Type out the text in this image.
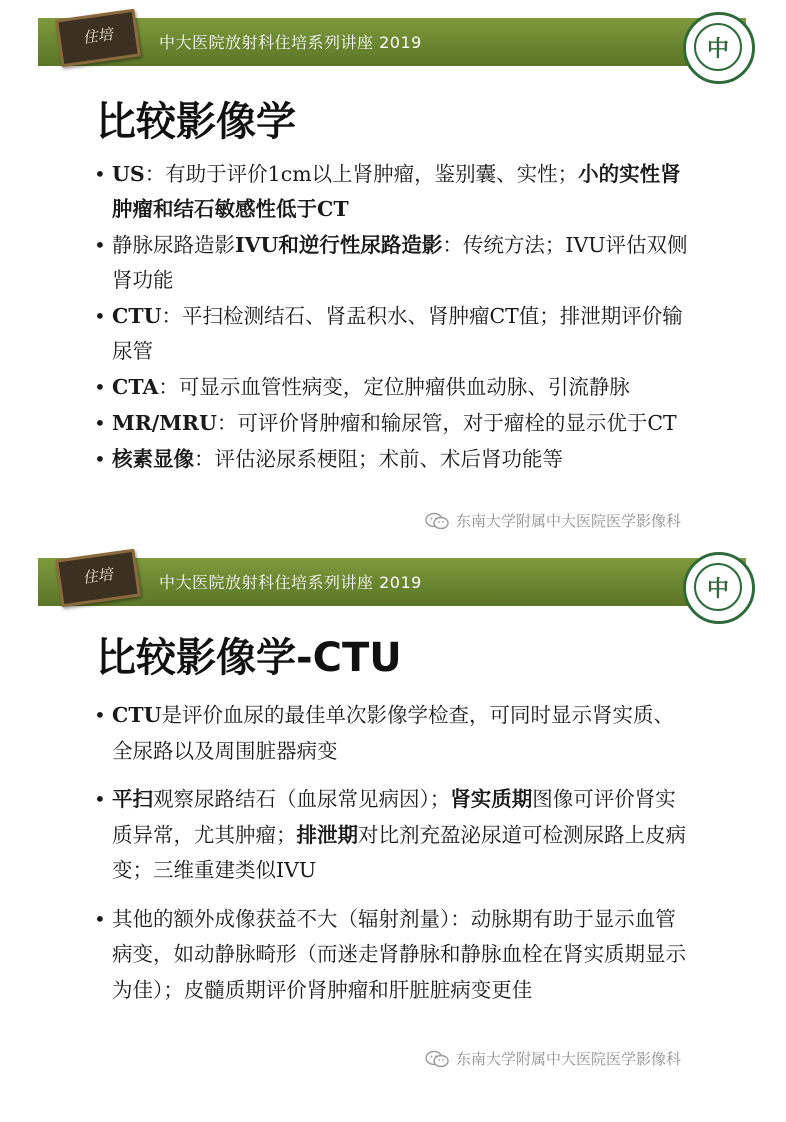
住培	中大医院放射科住培系列讲座 2019	中
比较影像学
• US：有助于评价1cm以上肾肿瘤，鉴别囊、实性；小的实性肾肿瘤和结石敏感性低于CT
• 静脉尿路造影IVU和逆行性尿路造影：传统方法；IVU评估双侧肾功能
• CTU：平扫检测结石、肾盂积水、肾肿瘤CT值；排泄期评价输尿管
• CTA：可显示血管性病变，定位肿瘤供血动脉、引流静脉
• MR/MRU：可评价肾肿瘤和输尿管，对于瘤栓的显示优于CT
• 核素显像：评估泌尿系梗阻；术前、术后肾功能等
东南大学附属中大医院医学影像科
住培	中大医院放射科住培系列讲座 2019	中
比较影像学-CTU
• CTU是评价血尿的最佳单次影像学检查，可同时显示肾实质、全尿路以及周围脏器病变
• 平扫观察尿路结石（血尿常见病因）；肾实质期图像可评价肾实质异常，尤其肿瘤；排泄期对比剂充盈泌尿道可检测尿路上皮病变；三维重建类似IVU
• 其他的额外成像获益不大（辐射剂量）：动脉期有助于显示血管病变，如动静脉畸形（而迷走肾静脉和静脉血栓在肾实质期显示为佳）；皮髓质期评价肾肿瘤和肝脏脏病变更佳
东南大学附属中大医院医学影像科
